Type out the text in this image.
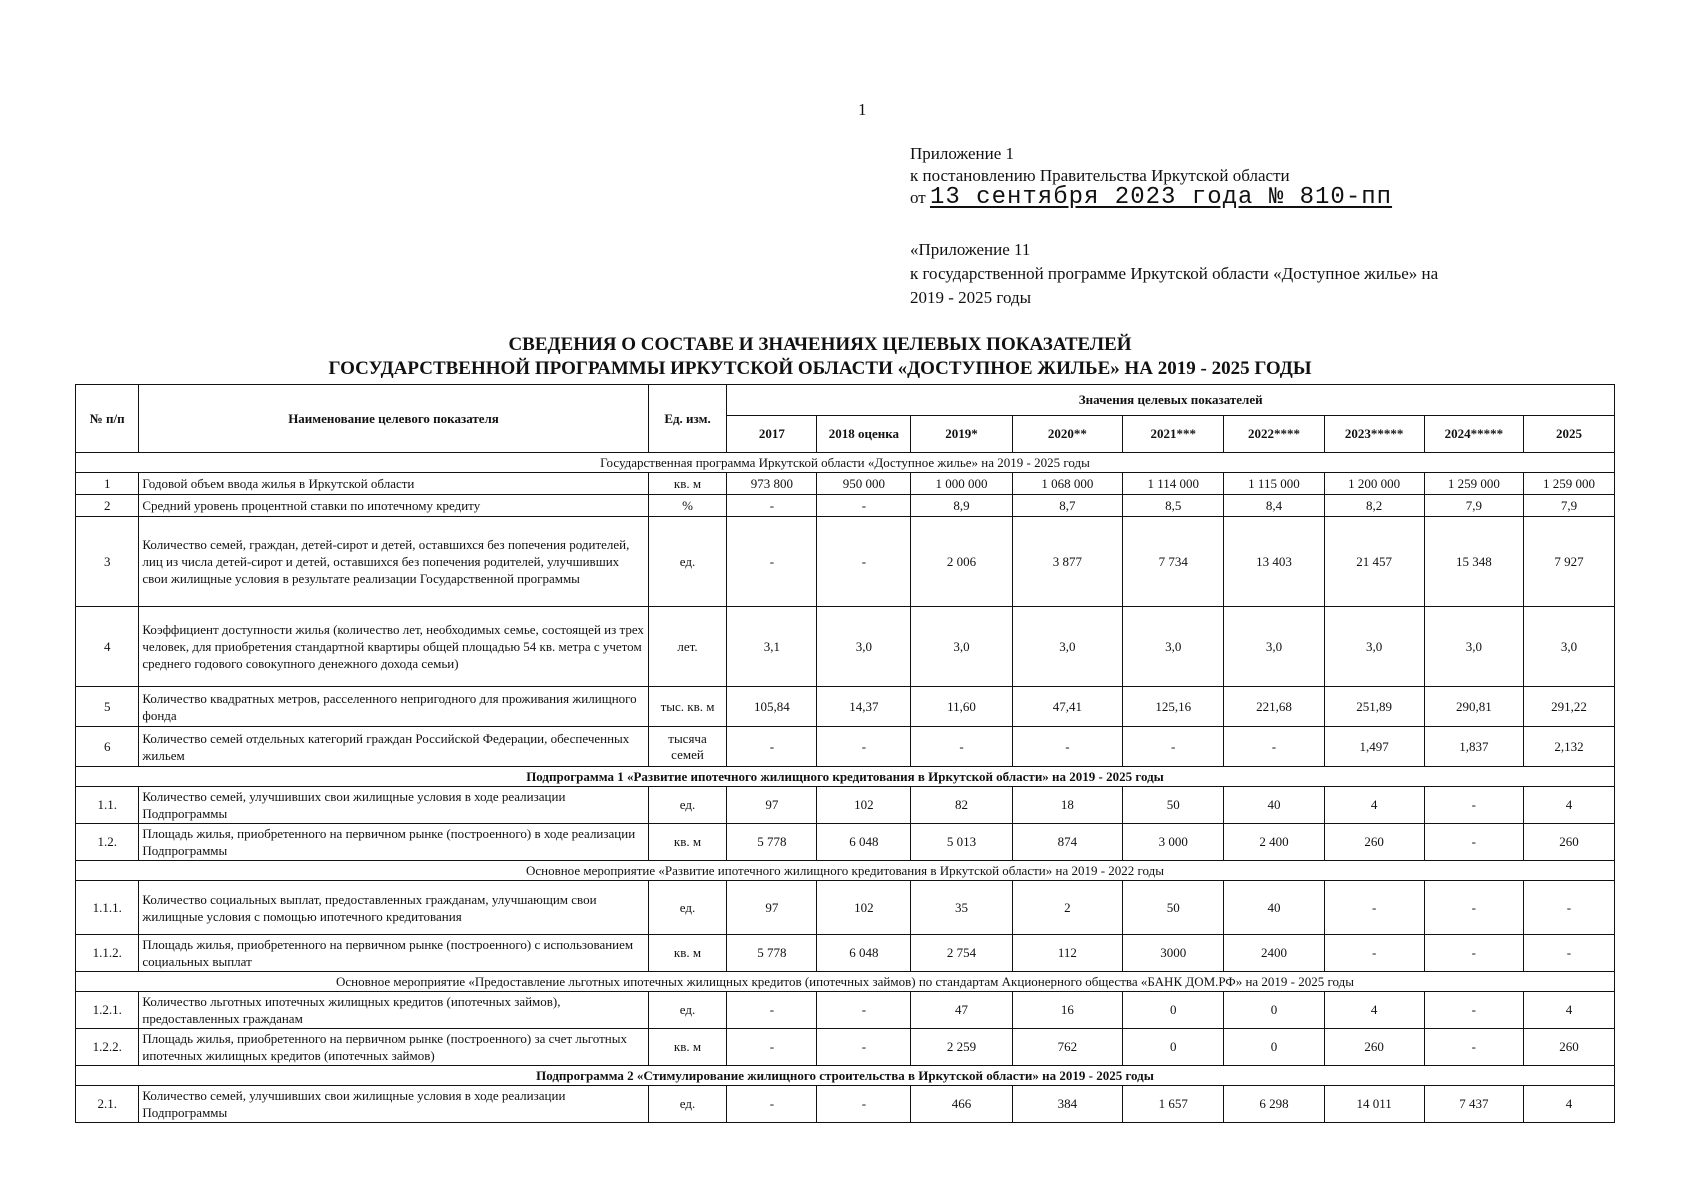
1
Приложение 1
к постановлению Правительства Иркутской области
от 13 сентября 2023 года № 810-пп
«Приложение 11
к государственной программе Иркутской области «Доступное жилье» на
2019 - 2025 годы
СВЕДЕНИЯ О СОСТАВЕ И ЗНАЧЕНИЯХ ЦЕЛЕВЫХ ПОКАЗАТЕЛЕЙ
ГОСУДАРСТВЕННОЙ ПРОГРАММЫ ИРКУТСКОЙ ОБЛАСТИ «ДОСТУПНОЕ ЖИЛЬЕ» НА 2019 - 2025 ГОДЫ
№ п/п	Наименование целевого показателя	Ед. изм.	Значения целевых показателей								
			2017	2018 оценка	2019*	2020**	2021***	2022****	2023*****	2024*****	2025
Государственная программа Иркутской области «Доступное жилье» на 2019 - 2025 годы											
1	Годовой объем ввода жилья в Иркутской области	кв. м	973 800	950 000	1 000 000	1 068 000	1 114 000	1 115 000	1 200 000	1 259 000	1 259 000
2	Средний уровень процентной ставки по ипотечному кредиту	%	-	-	8,9	8,7	8,5	8,4	8,2	7,9	7,9
3	Количество семей, граждан, детей-сирот и детей, оставшихся без попечения родителей, лиц из числа детей-сирот и детей, оставшихся без попечения родителей, улучшивших свои жилищные условия в результате реализации Государственной программы	ед.	-	-	2 006	3 877	7 734	13 403	21 457	15 348	7 927
4	Коэффициент доступности жилья (количество лет, необходимых семье, состоящей из трех человек, для приобретения стандартной квартиры общей площадью 54 кв. метра с учетом среднего годового совокупного денежного дохода семьи)	лет.	3,1	3,0	3,0	3,0	3,0	3,0	3,0	3,0	3,0
5	Количество квадратных метров, расселенного непригодного для проживания жилищного фонда	тыс. кв. м	105,84	14,37	11,60	47,41	125,16	221,68	251,89	290,81	291,22
6	Количество семей отдельных категорий граждан Российской Федерации, обеспеченных жильем	тысяча семей	-	-	-	-	-	-	1,497	1,837	2,132
Подпрограмма 1 «Развитие ипотечного жилищного кредитования в Иркутской области» на 2019 - 2025 годы											
1.1.	Количество семей, улучшивших свои жилищные условия в ходе реализации Подпрограммы	ед.	97	102	82	18	50	40	4	-	4
1.2.	Площадь жилья, приобретенного на первичном рынке (построенного) в ходе реализации Подпрограммы	кв. м	5 778	6 048	5 013	874	3 000	2 400	260	-	260
Основное мероприятие «Развитие ипотечного жилищного кредитования в Иркутской области» на 2019 - 2022 годы											
1.1.1.	Количество социальных выплат, предоставленных гражданам, улучшающим свои жилищные условия с помощью ипотечного кредитования	ед.	97	102	35	2	50	40	-	-	-
1.1.2.	Площадь жилья, приобретенного на первичном рынке (построенного) с использованием социальных выплат	кв. м	5 778	6 048	2 754	112	3000	2400	-	-	-
Основное мероприятие «Предоставление льготных ипотечных жилищных кредитов (ипотечных займов) по стандартам Акционерного общества «БАНК ДОМ.РФ» на 2019 - 2025 годы											
1.2.1.	Количество льготных ипотечных жилищных кредитов (ипотечных займов), предоставленных гражданам	ед.	-	-	47	16	0	0	4	-	4
1.2.2.	Площадь жилья, приобретенного на первичном рынке (построенного) за счет льготных ипотечных жилищных кредитов (ипотечных займов)	кв. м	-	-	2 259	762	0	0	260	-	260
Подпрограмма 2 «Стимулирование жилищного строительства в Иркутской области» на 2019 - 2025 годы											
2.1.	Количество семей, улучшивших свои жилищные условия в ходе реализации Подпрограммы	ед.	-	-	466	384	1 657	6 298	14 011	7 437	4
